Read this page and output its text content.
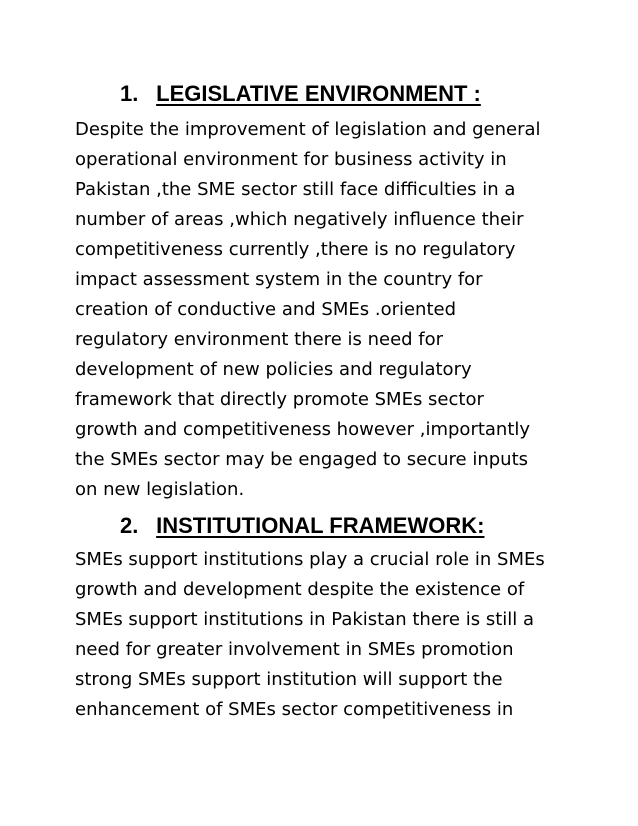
1. LEGISLATIVE ENVIRONMENT :

Despite the improvement of legislation and general
operational environment for business activity in
Pakistan ,the SME sector still face difficulties in a
number of areas ,which negatively influence their
competitiveness currently ,there is no regulatory
impact assessment system in the country for
creation of conductive and SMEs .oriented
regulatory environment there is need for
development of new policies and regulatory
framework that directly promote SMEs sector
growth and competitiveness however ,importantly
the SMEs sector may be engaged to secure inputs
on new legislation.

2. INSTITUTIONAL FRAMEWORK:

SMEs support institutions play a crucial role in SMEs
growth and development despite the existence of
SMEs support institutions in Pakistan there is still a
need for greater involvement in SMEs promotion
strong SMEs support institution will support the
enhancement of SMEs sector competitiveness in
